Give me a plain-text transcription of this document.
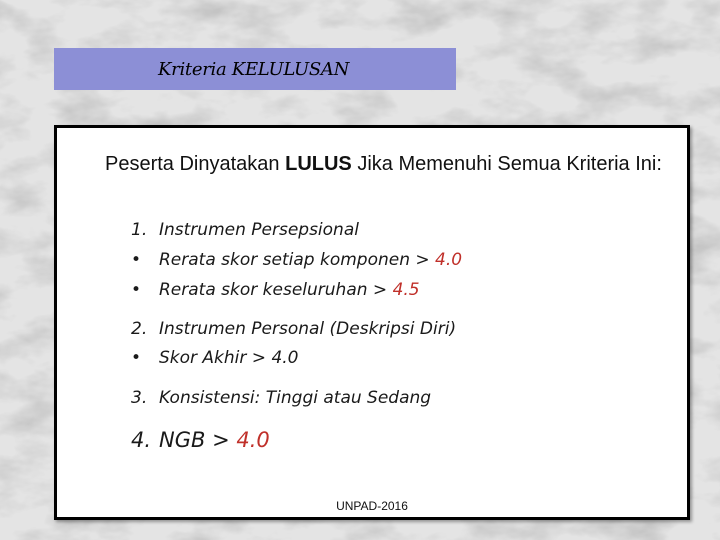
Kriteria KELULUSAN
Peserta Dinyatakan LULUS Jika Memenuhi Semua Kriteria Ini:
1. Instrumen Persepsional
• Rerata skor setiap komponen > 4.0
• Rerata skor keseluruhan > 4.5
2. Instrumen Personal (Deskripsi Diri)
• Skor Akhir > 4.0
3. Konsistensi: Tinggi atau Sedang
4. NGB > 4.0
UNPAD-2016
